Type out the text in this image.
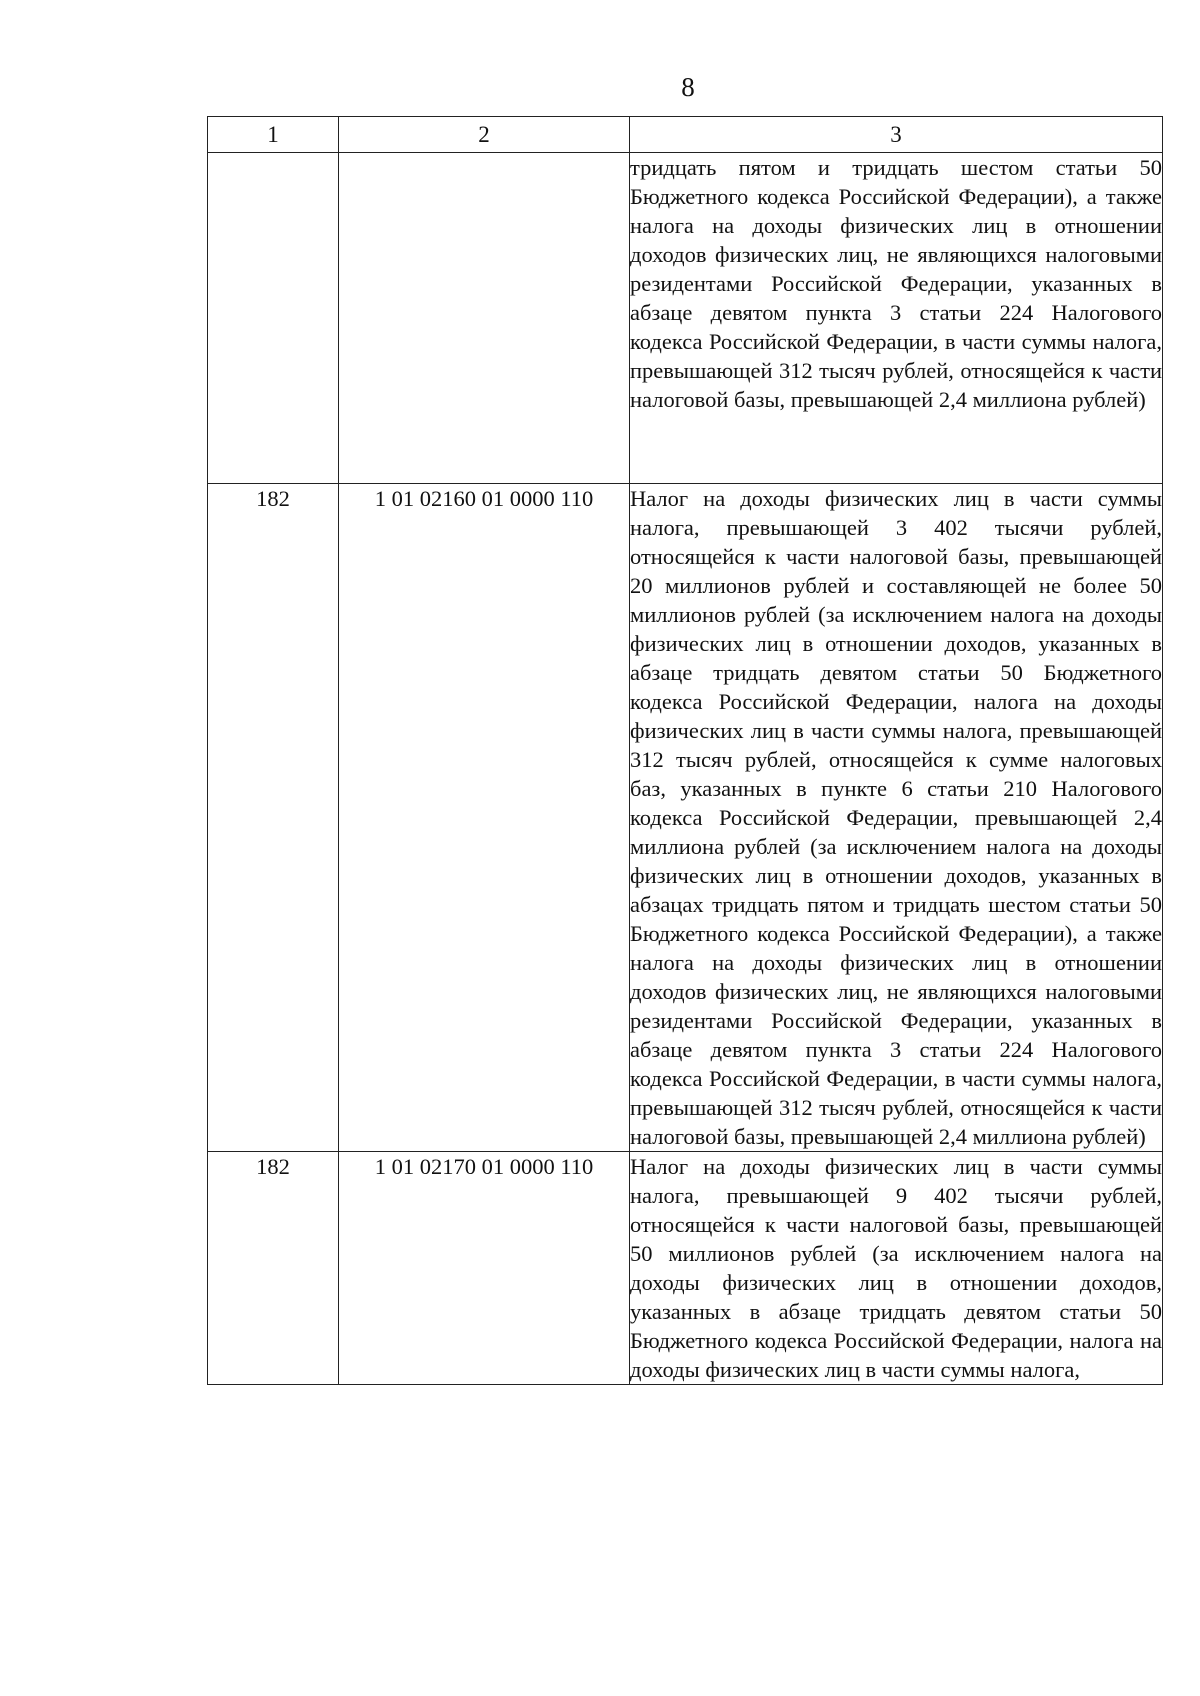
8
1	2	3
		тридцать пятом и тридцать шестом статьи 50 Бюджетного кодекса Российской Федерации), а также налога на доходы физических лиц в отношении доходов физических лиц, не являющихся налоговыми резидентами Российской Федерации, указанных в абзаце девятом пункта 3 статьи 224 Налогового кодекса Российской Федерации, в части суммы налога, превышающей 312 тысяч рублей, относящейся к части налоговой базы, превышающей 2,4 миллиона рублей)
182	1 01 02160 01 0000 110	Налог на доходы физических лиц в части суммы налога, превышающей 3 402 тысячи рублей, относящейся к части налоговой базы, превышающей 20 миллионов рублей и составляющей не более 50 миллионов рублей (за исключением налога на доходы физических лиц в отношении доходов, указанных в абзаце тридцать девятом статьи 50 Бюджетного кодекса Российской Федерации, налога на доходы физических лиц в части суммы налога, превышающей 312 тысяч рублей, относящейся к сумме налоговых баз, указанных в пункте 6 статьи 210 Налогового кодекса Российской Федерации, превышающей 2,4 миллиона рублей (за исключением налога на доходы физических лиц в отношении доходов, указанных в абзацах тридцать пятом и тридцать шестом статьи 50 Бюджетного кодекса Российской Федерации), а также налога на доходы физических лиц в отношении доходов физических лиц, не являющихся налоговыми резидентами Российской Федерации, указанных в абзаце девятом пункта 3 статьи 224 Налогового кодекса Российской Федерации, в части суммы налога, превышающей 312 тысяч рублей, относящейся к части налоговой базы, превышающей 2,4 миллиона рублей)
182	1 01 02170 01 0000 110	Налог на доходы физических лиц в части суммы налога, превышающей 9 402 тысячи рублей, относящейся к части налоговой базы, превышающей 50 миллионов рублей (за исключением налога на доходы физических лиц в отношении доходов, указанных в абзаце тридцать девятом статьи 50 Бюджетного кодекса Российской Федерации, налога на доходы физических лиц в части суммы налога,
